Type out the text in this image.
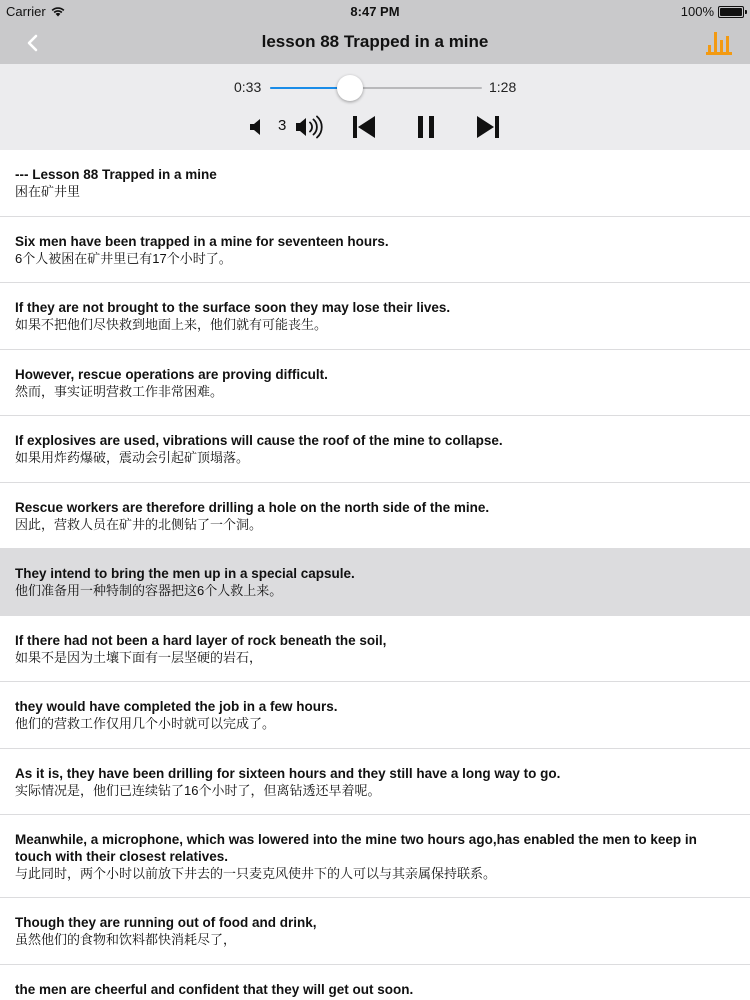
Carrier	8:47 PM	100%
lesson 88 Trapped in a mine
0:33	1:28
3
--- Lesson 88 Trapped in a mine
困在矿井里
Six men have been trapped in a mine for seventeen hours.
6个人被困在矿井里已有17个小时了。
If they are not brought to the surface soon they may lose their lives.
如果不把他们尽快救到地面上来，他们就有可能丧生。
However, rescue operations are proving difficult.
然而，事实证明营救工作非常困难。
If explosives are used, vibrations will cause the roof of the mine to collapse.
如果用炸药爆破，震动会引起矿顶塌落。
Rescue workers are therefore drilling a hole on the north side of the mine.
因此，营救人员在矿井的北侧钻了一个洞。
They intend to bring the men up in a special capsule.
他们准备用一种特制的容器把这6个人救上来。
If there had not been a hard layer of rock beneath the soil,
如果不是因为土壤下面有一层坚硬的岩石，
they would have completed the job in a few hours.
他们的营救工作仅用几个小时就可以完成了。
As it is, they have been drilling for sixteen hours and they still have a long way to go.
实际情况是，他们已连续钻了16个小时了，但离钻透还早着呢。
Meanwhile, a microphone, which was lowered into the mine two hours ago,has enabled the men to keep in touch with their closest relatives.
与此同时，两个小时以前放下井去的一只麦克风使井下的人可以与其亲属保持联系。
Though they are running out of food and drink,
虽然他们的食物和饮料都快消耗尽了，
the men are cheerful and confident that they will get out soon.
